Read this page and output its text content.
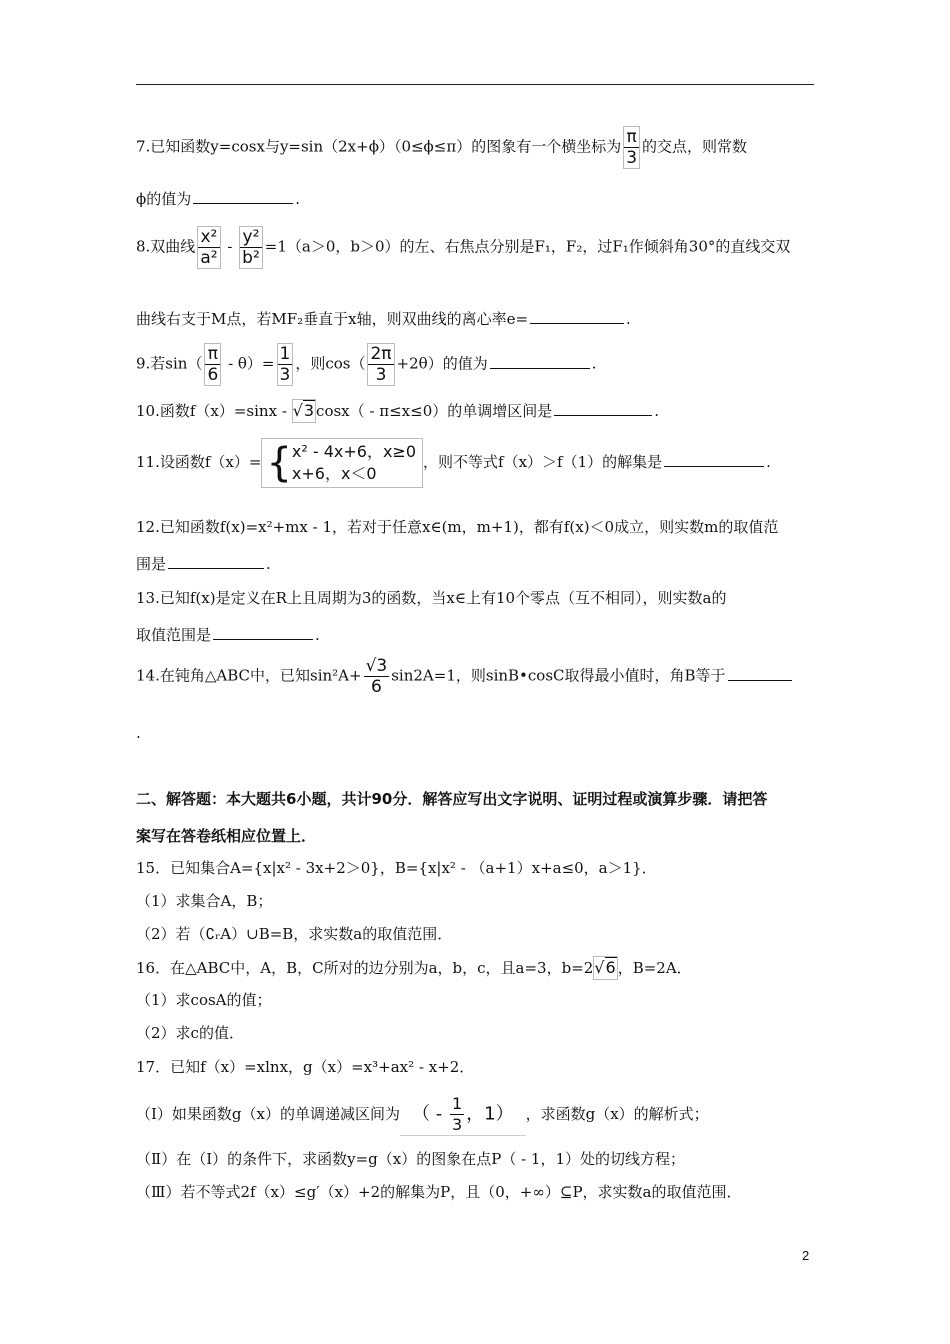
7.已知函数y=cosx与y=sin（2x+ϕ）（0≤ϕ≤π）的图象有一个横坐标为 $\frac{\pi}{3}$ 的交点，则常数
ϕ的值为	.
8.双曲线 $\frac{\text{x²}}{\text{a²}} - \frac{\text{y²}}{\text{b²}} =1(a>0$，b＞0）的左、右焦点分别是F₁，F₂，过F₁作倾斜角30°的直线交双
曲线右支于M点，若MF₂垂直于x轴，则双曲线的离心率e=	.
9.若$\sin( \frac{\pi}{6} - \theta)= \frac{1}{3}$ ，则$\cos( \frac{2\pi}{3} +2\theta)$的值为	.
10.函数f（x）=sinx - √3 cosx（ - π≤x≤0）的单调增区间是	.
11.设函数f（x）= { x² - 4x+6，x≥0
x+6，x＜0
，则不等式f（x）＞f（1）的解集是	.
12.已知函数f(x)=x²+mx - 1，若对于任意x∈(m，m+1)，都有f(x)＜0成立，则实数m的取值范
围是	.
13.已知f(x)是定义在R上且周期为3的函数，当x∈上有10个零点（互不相同），则实数a的
取值范围是	.
14.在钝角△ABC中，已知$\sin^2A+ \frac{√3}{6} \sin 2A=1$，则sinB•cosC取得最小值时，角B等于
.
二、解答题：本大题共6小题，共计90分．解答应写出文字说明、证明过程或演算步骤．请把答
案写在答卷纸相应位置上．
15．已知集合A={x|x² - 3x+2＞0}，B={x|x² - （a+1）x+a≤0，a＞1}．
（1）求集合A，B；
（2）若（∁ᵣA）∪B=B，求实数a的取值范围．
16．在△ABC中，A，B，C所对的边分别为a，b，c，且a=3，b=2√6 ，B=2A．
（1）求cosA的值；
（2）求c的值．
17．已知f（x）=xlnx，g（x）=x³+ax² - x+2．
（Ⅰ）如果函数g（x）的单调递减区间为 （ - $\frac{1}{3}$ ，1） ，求函数g（x）的解析式；
（Ⅱ）在（Ⅰ）的条件下，求函数y=g（x）的图象在点P（ - 1，1）处的切线方程；
（Ⅲ）若不等式2f（x）≤g′（x）+2的解集为P，且（0，+∞）⊆P，求实数a的取值范围．
2
